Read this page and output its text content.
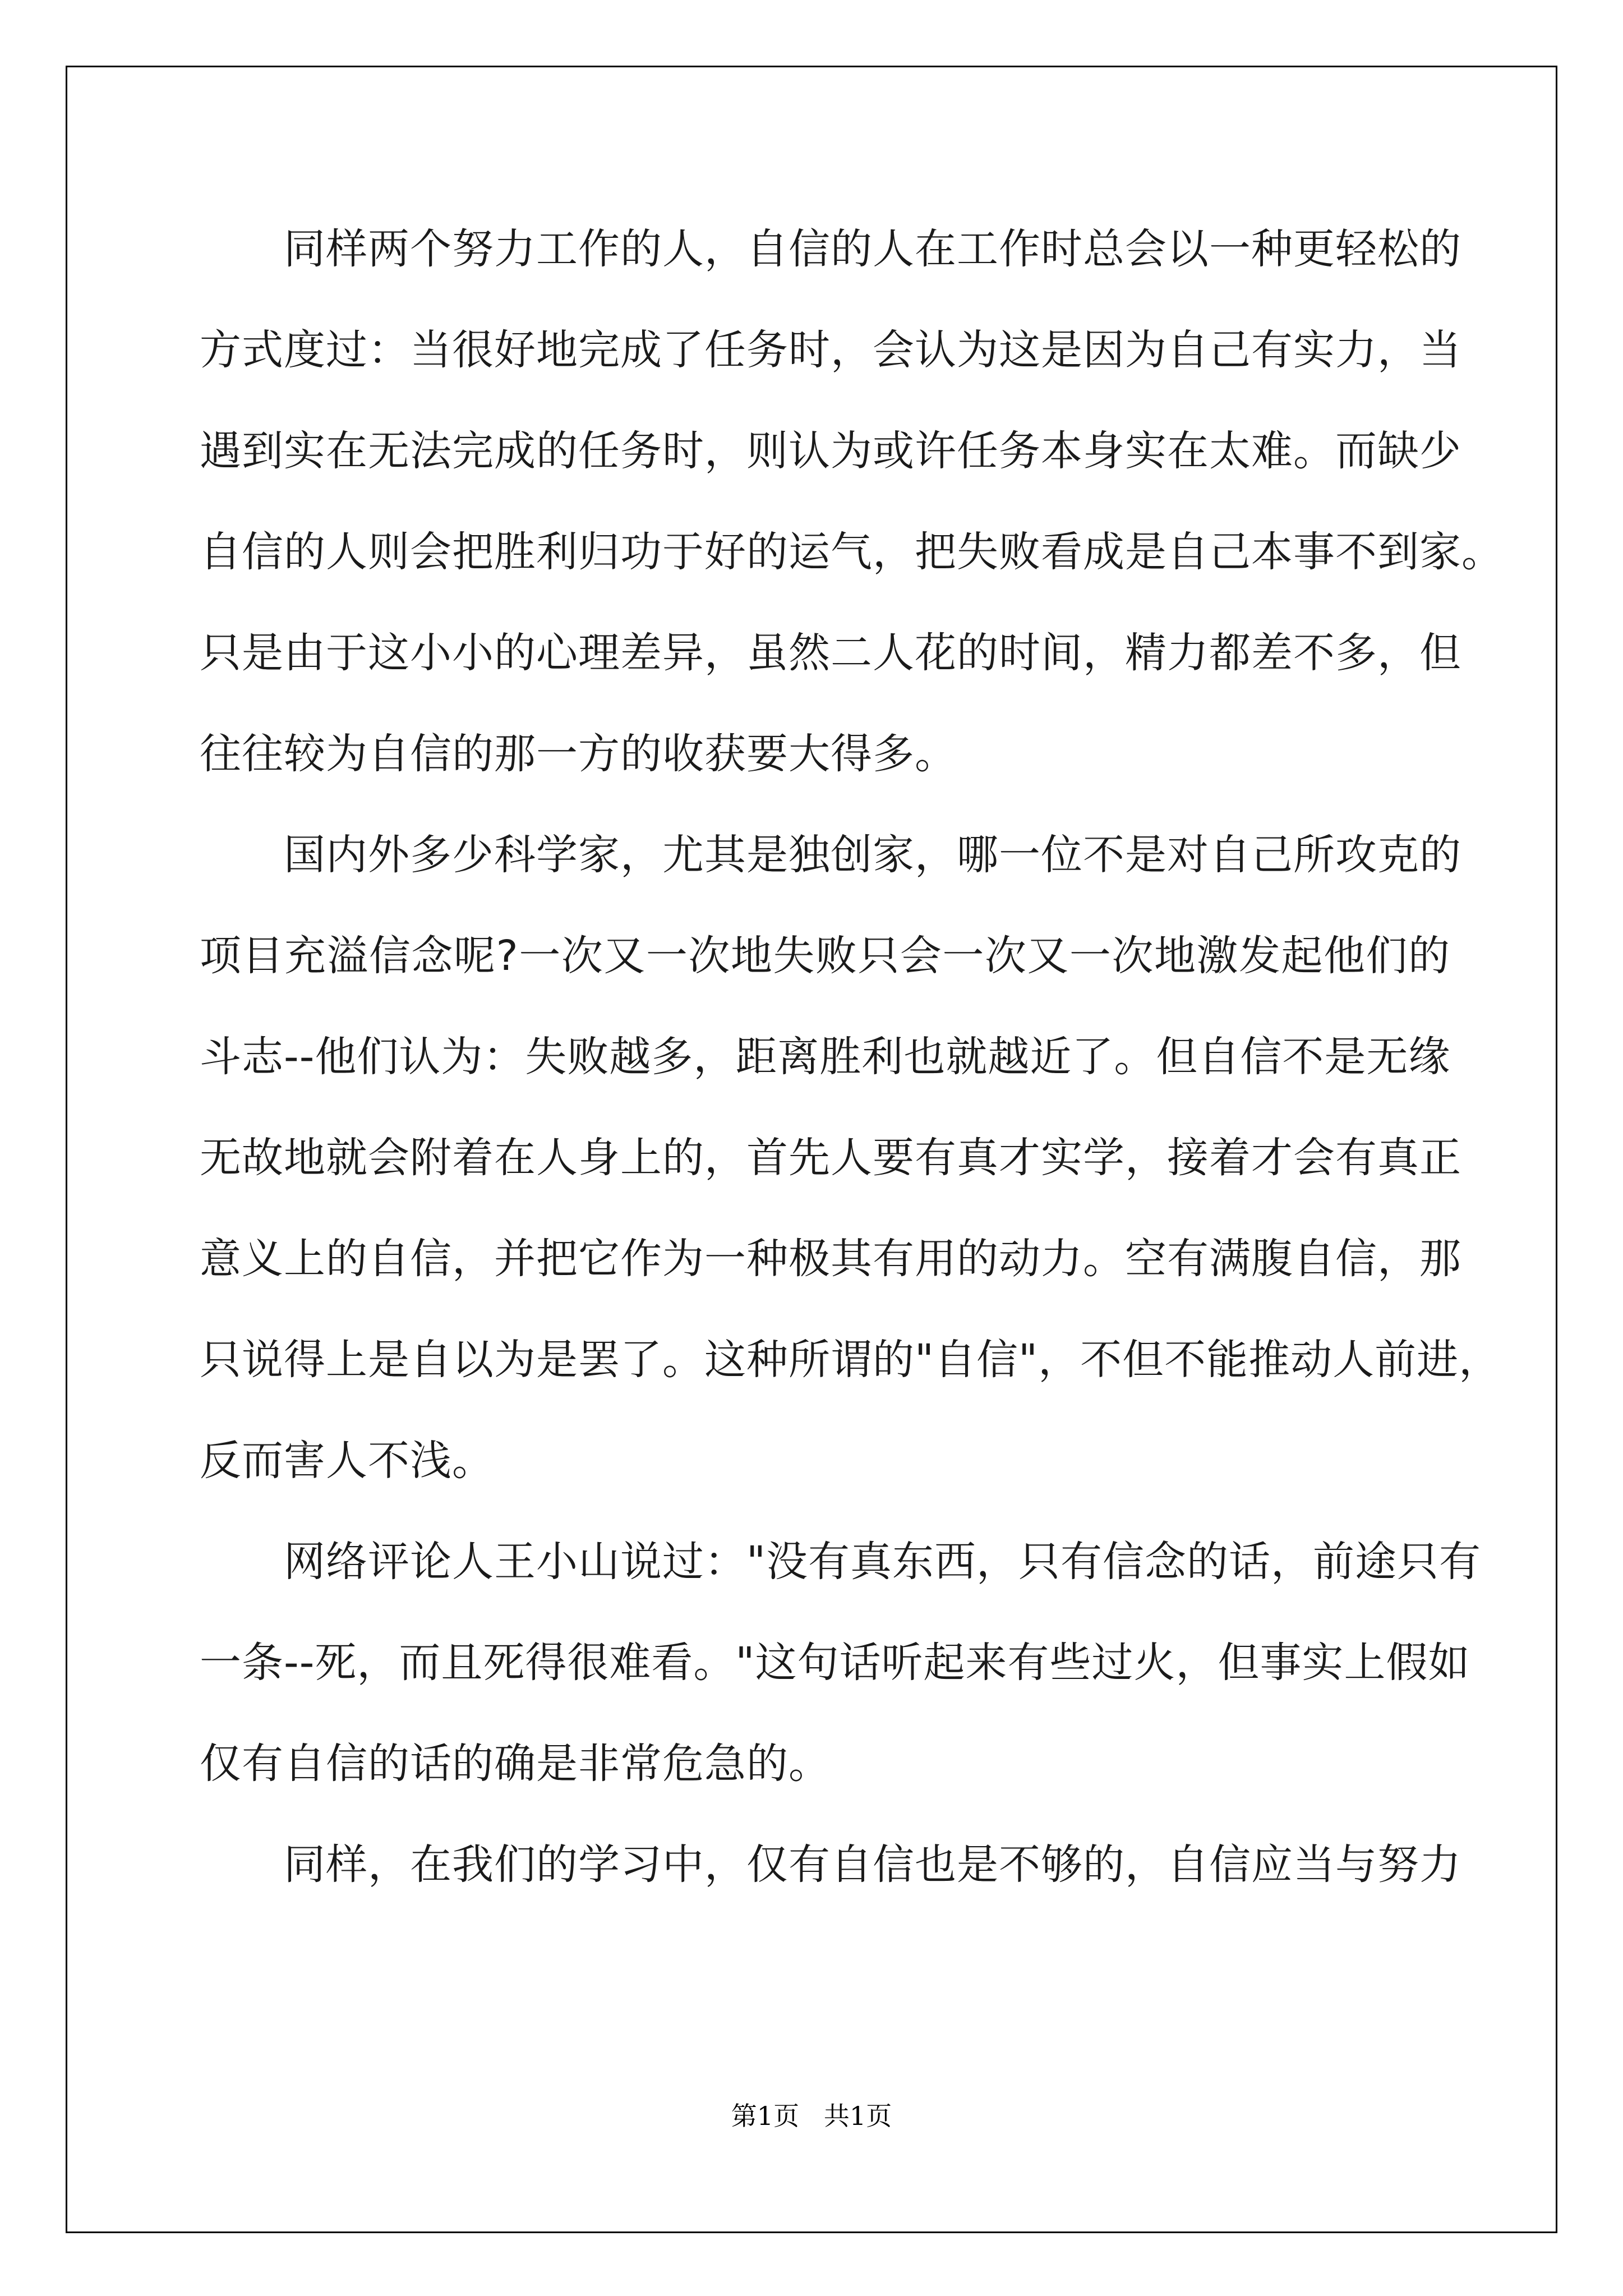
同样两个努力工作的人，自信的人在工作时总会以一种更轻松的

方式度过：当很好地完成了任务时，会认为这是因为自己有实力，当

遇到实在无法完成的任务时，则认为或许任务本身实在太难。而缺少

自信的人则会把胜利归功于好的运气，把失败看成是自己本事不到家。

只是由于这小小的心理差异，虽然二人花的时间，精力都差不多，但

往往较为自信的那一方的收获要大得多。

国内外多少科学家，尤其是独创家，哪一位不是对自己所攻克的

项目充溢信念呢?一次又一次地失败只会一次又一次地激发起他们的

斗志--他们认为：失败越多，距离胜利也就越近了。但自信不是无缘

无故地就会附着在人身上的，首先人要有真才实学，接着才会有真正

意义上的自信，并把它作为一种极其有用的动力。空有满腹自信，那

只说得上是自以为是罢了。这种所谓的"自信"，不但不能推动人前进，

反而害人不浅。

网络评论人王小山说过："没有真东西，只有信念的话，前途只有

一条--死，而且死得很难看。"这句话听起来有些过火，但事实上假如

仅有自信的话的确是非常危急的。

同样，在我们的学习中，仅有自信也是不够的，自信应当与努力

第1页   共1页
